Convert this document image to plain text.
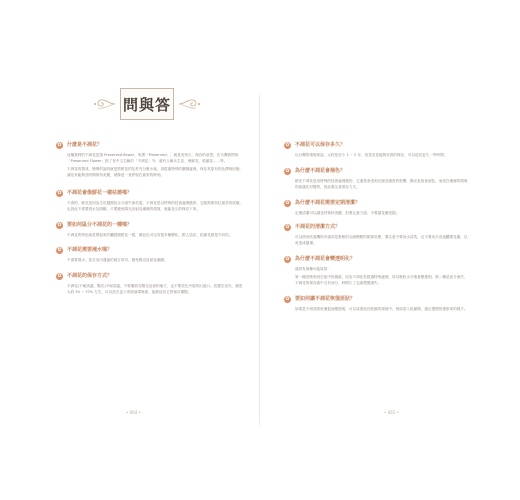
問與答
✿ 什麼是不凋花？

這種我們的不凋花是指 Preserved flower，所謂「Preserved」，就是有持久、保存的意思，在台灣我們叫「Preserved Flower」除了有中文名稱的「不凋花」外，還有人稱永生花、保鮮花、乾燥花……等。

不凋花的製成，簡單的說明就是將鮮花的花材充分脫水後，再經過特殊的藥劑處理，保存其原有的色澤與形態，讓花朵能夠長時間保持美麗，就像是一直停留在最美的時刻。

✿ 不凋花會像鮮花一樣枯萎嗎？

不會的，鮮花是因為生長週期及水分流失會枯萎，不凋花是以特殊的技術處理過的，它能夠保持住最美的狀態，也因此不需要澆水及照顧，只要避免陽光直射及潮濕的環境，就能長久的保存下來。

✿ 要如何區分不凋花的一種嗎？

不凋花的特色就是摸起來的觸感跟鮮花一樣，顏色也可以有很多種變化，跟人造花、乾燥花都是不同的。

✿ 不凋花需要澆水嗎？

不需要澆水，放在室內通風的地方即可，避免陽光直射及潮濕。

✿ 不凋花的保存方式？

不凋花(不耐高溫、陽光)不耐高溫，不要擺放在陽光直射的地方，也不要放在冷氣的出風口。放置在室內，濕度大約 50 ~ 70% 左右，可以放在盒子或玻璃罩裡面，能夠延長它的保存期限。

✿ 不凋花可以保存多久？

以台灣的環境來說，大約是至少 1 ~ 2 年，但是若是能夠妥善的保存，可以延長更久一些時間。

✿ 為什麼不凋花會褪色？

鮮花不凋花是用特殊的技術處理過的，它還是會受到光線及濕度的影響，陽光直射會褪色，而放在潮濕的環境則會讓花材變質，因此要注意保存方式。

✿ 為什麼不凋花需要定期清潔？

定期清潔可以讓花材保持美觀，但要注意力道，不要讓花瓣受損。

✿ 不凋花的清潔方式？

可以使用吹風機的冷風或是柔軟的毛刷輕輕的刷掉灰塵，要注意不要用水清洗，也不要用手直接觸摸花瓣，以免造成損傷。

✿ 為什麼不凋花會變透明化？

通常有兩種可能原因：

第一種是吸收到空氣中的濕氣，因為不凋花有經過特殊處理，所以吸收水分後會變透明。第二種是油分流失，不凋花的保存液中含有油分，時間久了也會慢慢流失。

✿ 要如何讓不凋花恢復原狀？

如果是不凋花吸收濕氣而變透明，可以試著放在乾燥的環境中，例如放入乾燥劑，讓它慢慢恢復原來的樣子。

• 064 •	• 065 •
